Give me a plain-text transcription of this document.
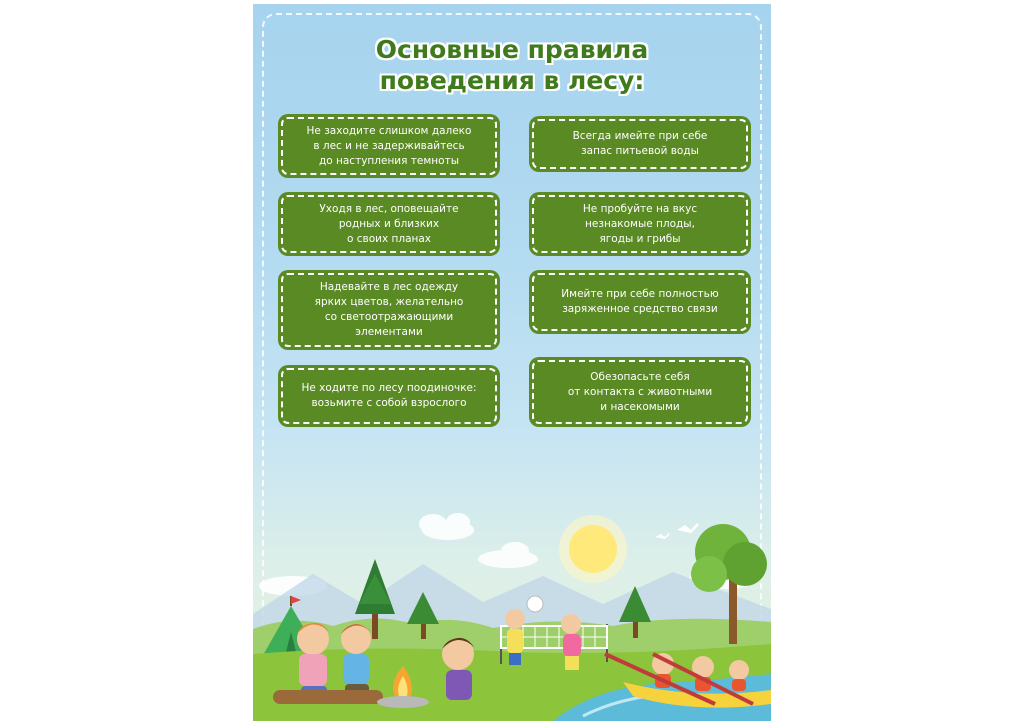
Основные правила
поведения в лесу:
Не заходите слишком далеко
в лес и не задерживайтесь
до наступления темноты
Уходя в лес, оповещайте
родных и близких
о своих планах
Надевайте в лес одежду
ярких цветов, желательно
со светоотражающими
элементами
Не ходите по лесу поодиночке:
возьмите с собой взрослого
Всегда имейте при себе
запас питьевой воды
Не пробуйте на вкус
незнакомые плоды,
ягоды и грибы
Имейте при себе полностью
заряженное средство связи
Обезопасьте себя
от контакта с животными
и насекомыми
